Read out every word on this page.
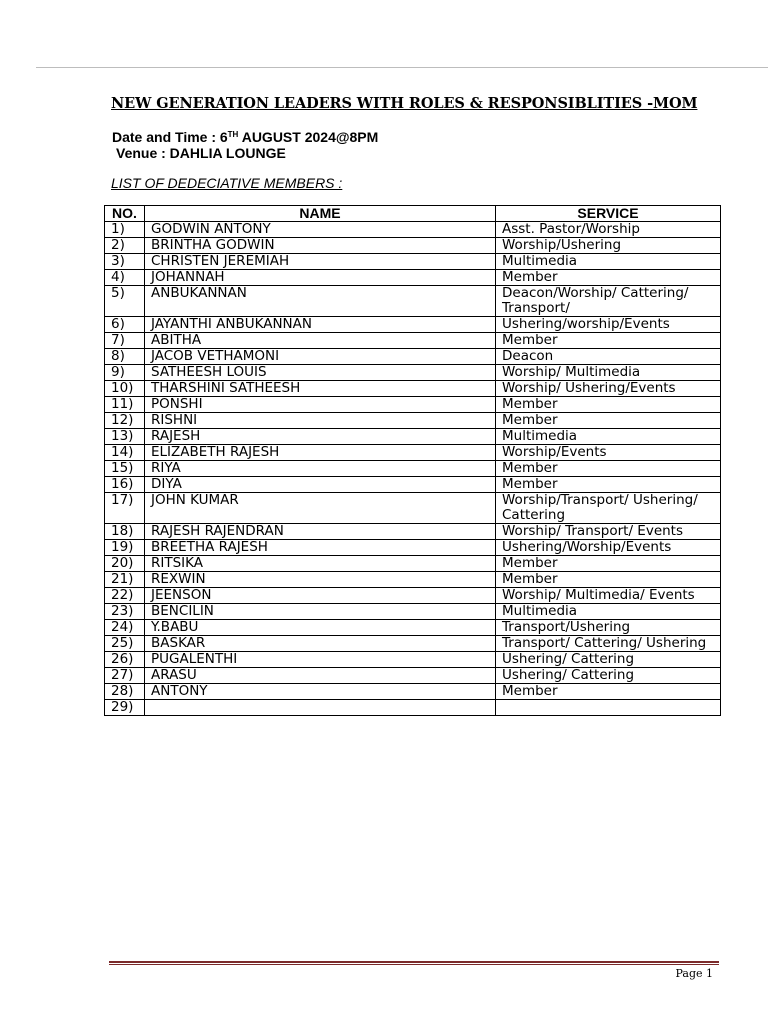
NEW GENERATION LEADERS WITH ROLES & RESPONSIBLITIES -MOM
Date and Time : 6TH AUGUST 2024@8PM
Venue : DAHLIA LOUNGE
LIST OF DEDECIATIVE MEMBERS :
NO.	NAME	SERVICE
1)	GODWIN ANTONY	Asst. Pastor/Worship
2)	BRINTHA GODWIN	Worship/Ushering
3)	CHRISTEN JEREMIAH	Multimedia
4)	JOHANNAH	Member
5)	ANBUKANNAN	Deacon/Worship/ Cattering/ Transport/
6)	JAYANTHI ANBUKANNAN	Ushering/worship/Events
7)	ABITHA	Member
8)	JACOB VETHAMONI	Deacon
9)	SATHEESH LOUIS	Worship/ Multimedia
10)	THARSHINI SATHEESH	Worship/ Ushering/Events
11)	PONSHI	Member
12)	RISHNI	Member
13)	RAJESH	Multimedia
14)	ELIZABETH RAJESH	Worship/Events
15)	RIYA	Member
16)	DIYA	Member
17)	JOHN KUMAR	Worship/Transport/ Ushering/ Cattering
18)	RAJESH RAJENDRAN	Worship/ Transport/ Events
19)	BREETHA RAJESH	Ushering/Worship/Events
20)	RITSIKA	Member
21)	REXWIN	Member
22)	JEENSON	Worship/ Multimedia/ Events
23)	BENCILIN	Multimedia
24)	Y.BABU	Transport/Ushering
25)	BASKAR	Transport/ Cattering/ Ushering
26)	PUGALENTHI	Ushering/ Cattering
27)	ARASU	Ushering/ Cattering
28)	ANTONY	Member
29)		
Page 1
